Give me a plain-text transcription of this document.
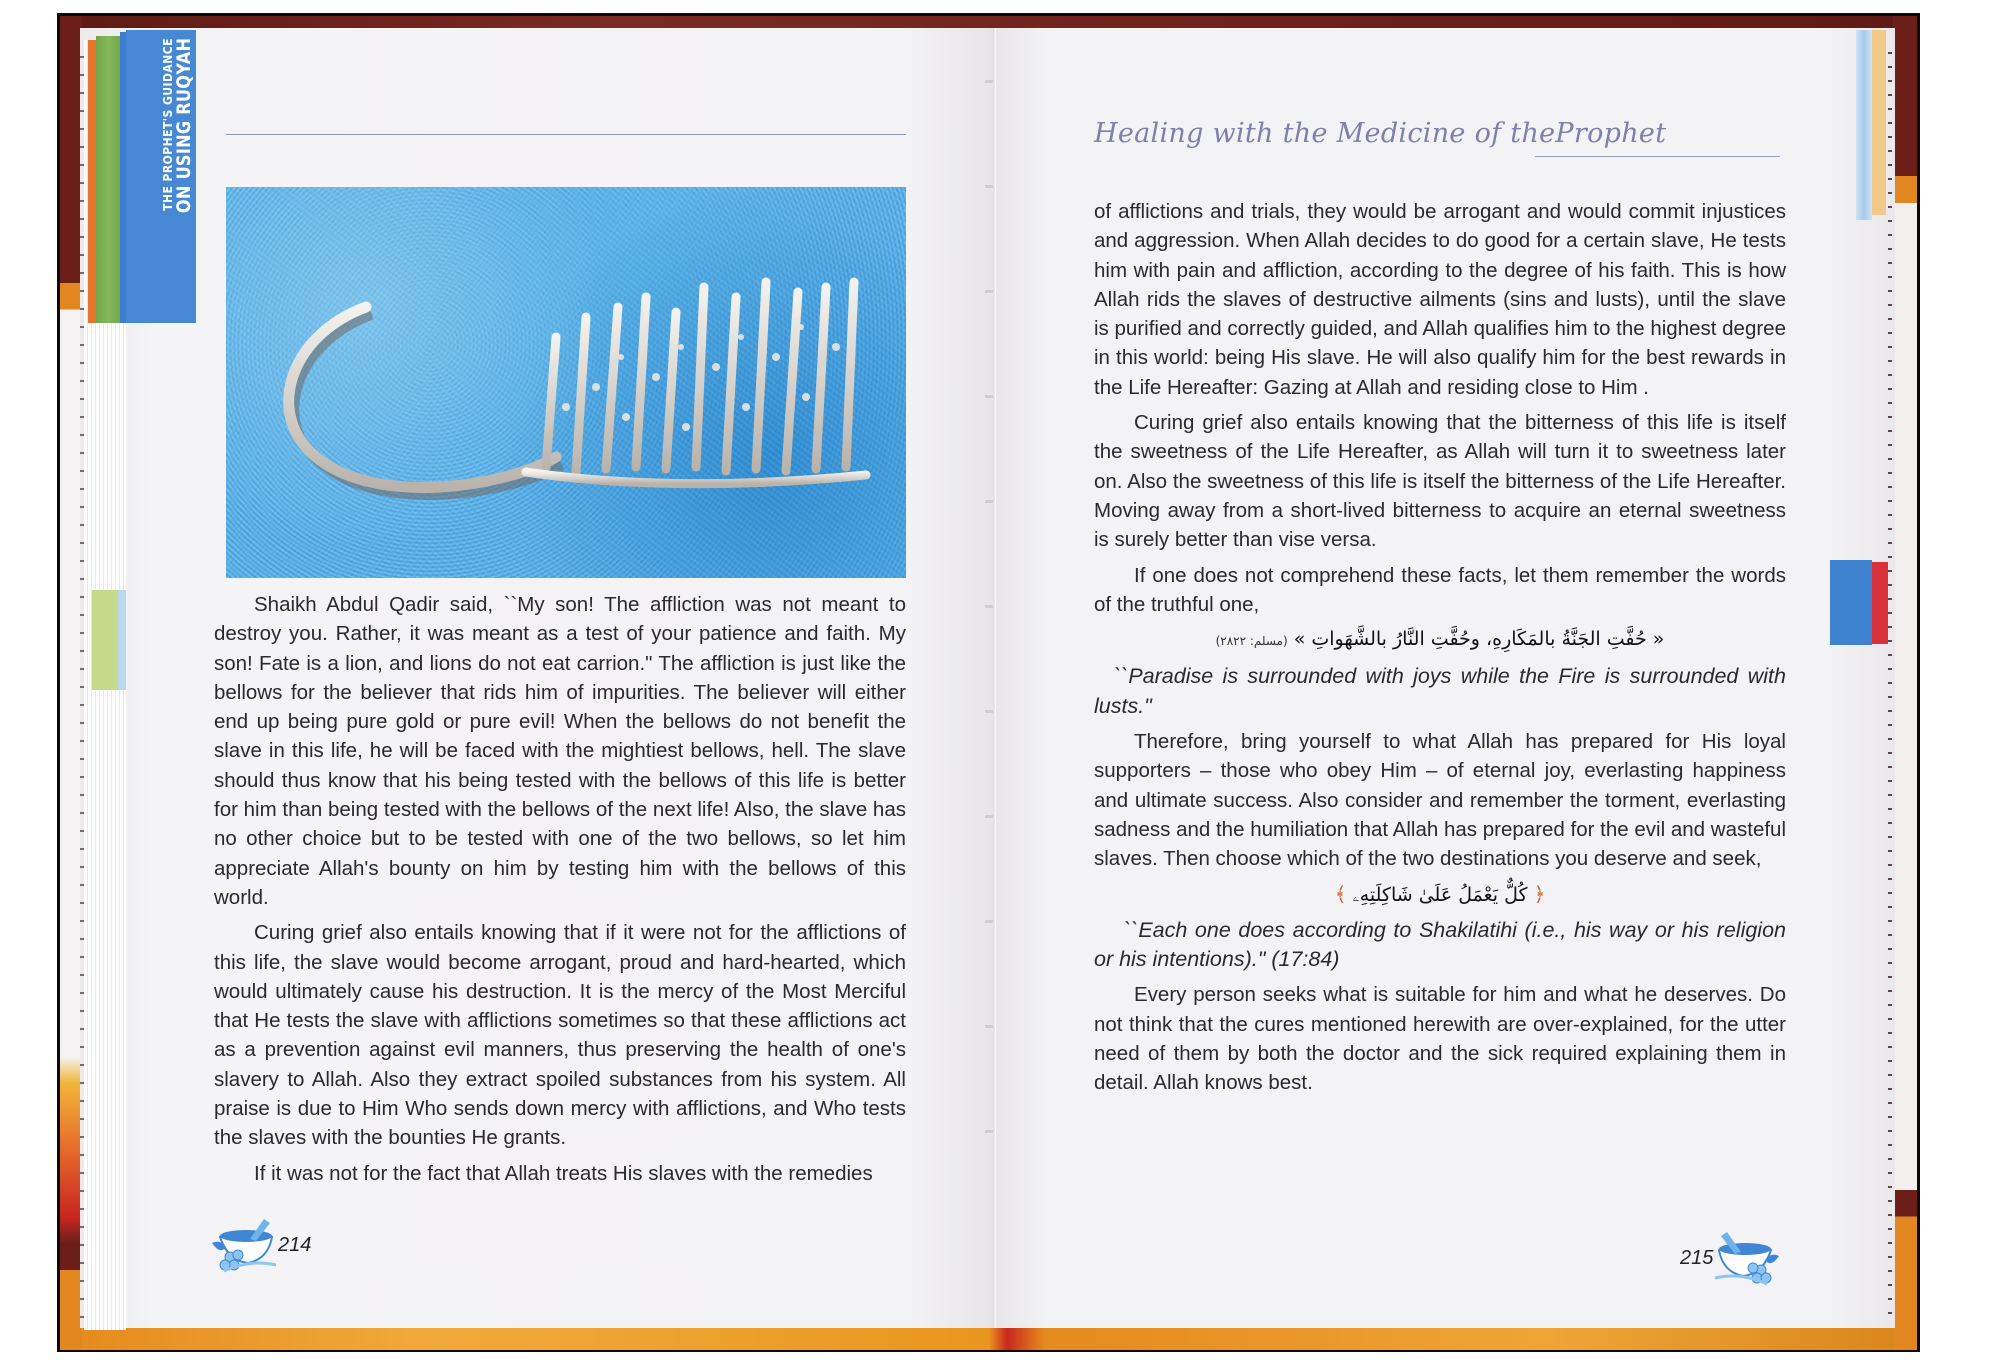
THE PROPHET'S GUIDANCE
ON USING RUQYAH

Shaikh Abdul Qadir said, ``My son! The affliction was not meant to destroy you. Rather, it was meant as a test of your patience and faith. My son! Fate is a lion, and lions do not eat carrion." The affliction is just like the bellows for the believer that rids him of impurities. The believer will either end up being pure gold or pure evil! When the bellows do not benefit the slave in this life, he will be faced with the mightiest bellows, hell. The slave should thus know that his being tested with the bellows of this life is better for him than being tested with the bellows of the next life! Also, the slave has no other choice but to be tested with one of the two bellows, so let him appreciate Allah's bounty on him by testing him with the bellows of this world.

Curing grief also entails knowing that if it were not for the afflictions of this life, the slave would become arrogant, proud and hard-hearted, which would ultimately cause his destruction. It is the mercy of the Most Merciful that He tests the slave with afflictions sometimes so that these afflictions act as a prevention against evil manners, thus preserving the health of one's slavery to Allah. Also they extract spoiled substances from his system. All praise is due to Him Who sends down mercy with afflictions, and Who tests the slaves with the bounties He grants.

If it was not for the fact that Allah treats His slaves with the remedies

214
Healing with the Medicine of theProphet

of afflictions and trials, they would be arrogant and would commit injustices and aggression. When Allah decides to do good for a certain slave, He tests him with pain and affliction, according to the degree of his faith. This is how Allah rids the slaves of destructive ailments (sins and lusts), until the slave is purified and correctly guided, and Allah qualifies him to the highest degree in this world: being His slave. He will also qualify him for the best rewards in the Life Hereafter: Gazing at Allah and residing close to Him .

Curing grief also entails knowing that the bitterness of this life is itself the sweetness of the Life Hereafter, as Allah will turn it to sweetness later on. Also the sweetness of this life is itself the bitterness of the Life Hereafter. Moving away from a short-lived bitterness to acquire an eternal sweetness is surely better than vise versa.

If one does not comprehend these facts, let them remember the words of the truthful one,

« حُفَّتِ الجَنَّةُ بالمَكَارِهِ، وحُفَّتِ النَّارُ بالشَّهَواتِ » (مسلم: ٢٨٢٢)

``Paradise is surrounded with joys while the Fire is surrounded with lusts."

Therefore, bring yourself to what Allah has prepared for His loyal supporters – those who obey Him – of eternal joy, everlasting happiness and ultimate success. Also consider and remember the torment, everlasting sadness and the humiliation that Allah has prepared for the evil and wasteful slaves. Then choose which of the two destinations you deserve and seek,

﴿ كُلٌّ يَعْمَلُ عَلَىٰ شَاكِلَتِهِۦ ﴾

``Each one does according to Shakilatihi (i.e., his way or his religion or his intentions)." (17:84)

Every person seeks what is suitable for him and what he deserves. Do not think that the cures mentioned herewith are over-explained, for the utter need of them by both the doctor and the sick required explaining them in detail. Allah knows best.

215
